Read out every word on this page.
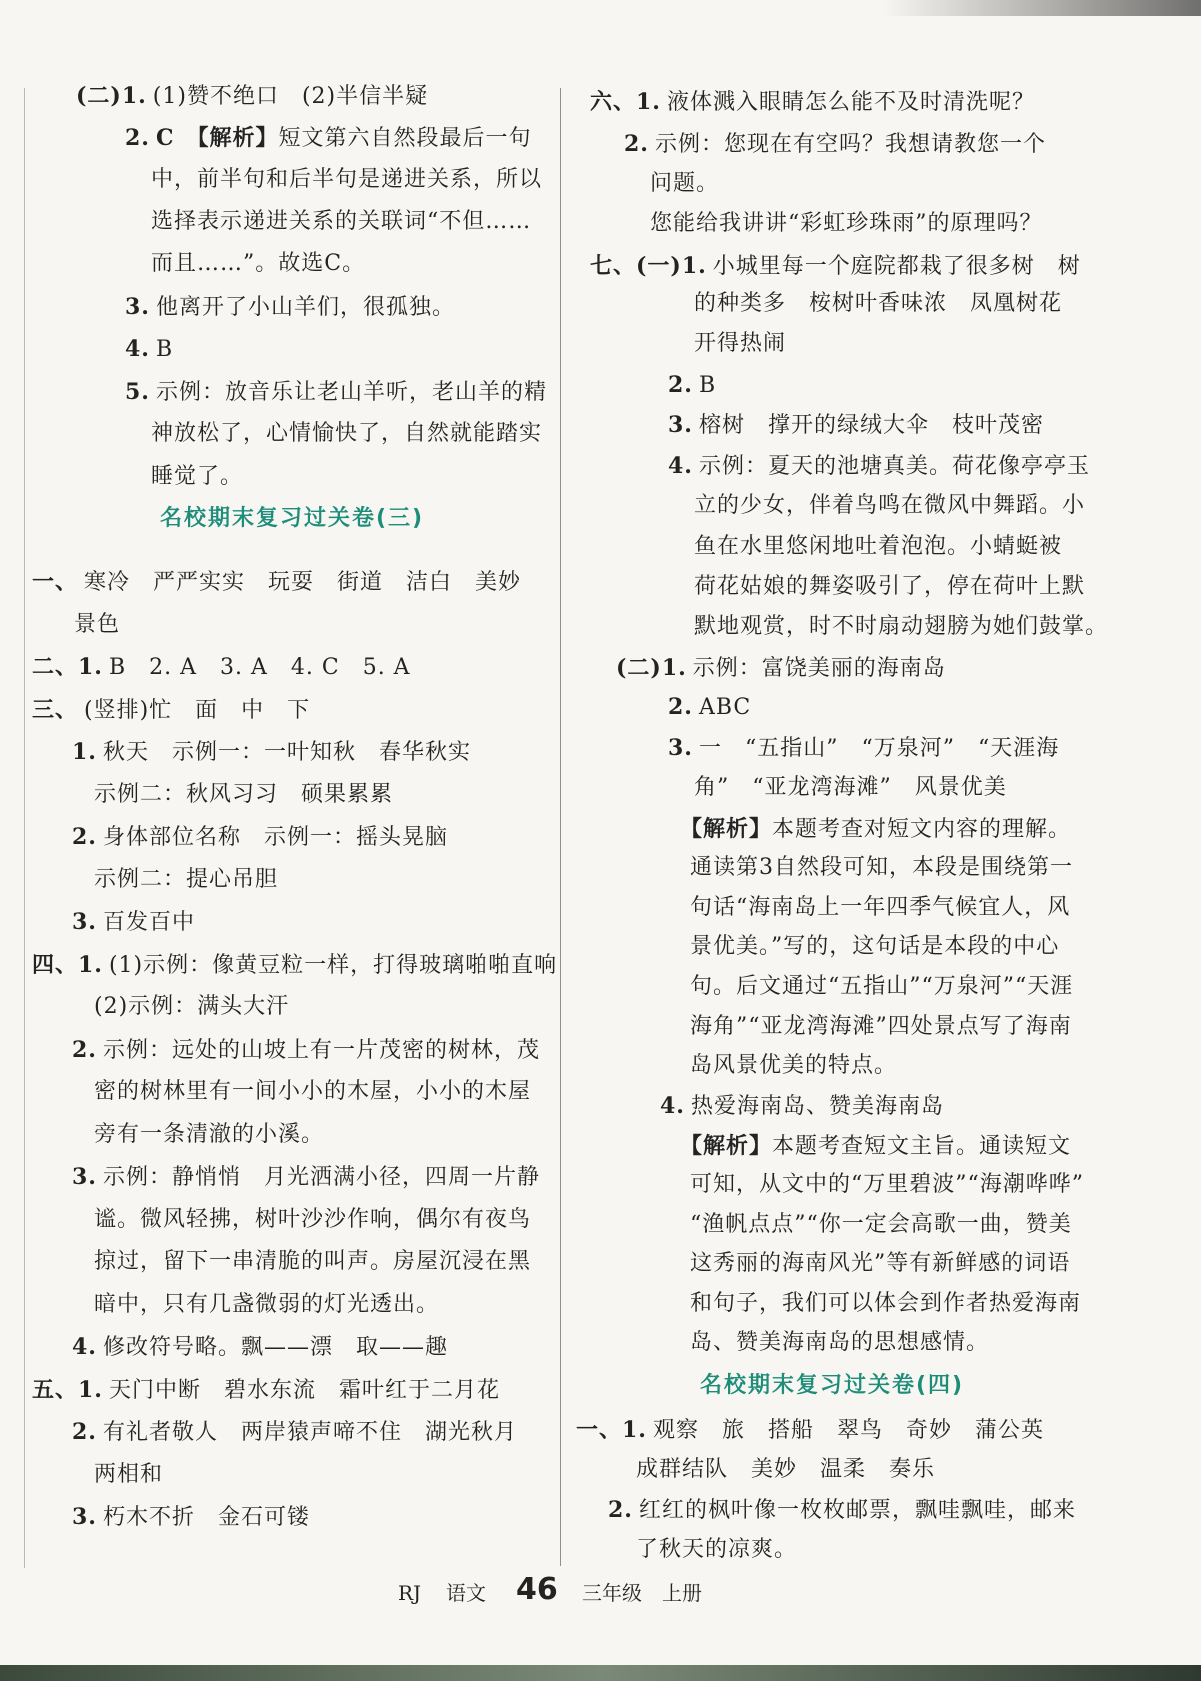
(二)1. (1)赞不绝口　(2)半信半疑
2. C　【解析】短文第六自然段最后一句
中，前半句和后半句是递进关系，所以
选择表示递进关系的关联词“不但……
而且……”。故选C。
3. 他离开了小山羊们，很孤独。
4. B
5. 示例：放音乐让老山羊听，老山羊的精
神放松了，心情愉快了，自然就能踏实
睡觉了。
名校期末复习过关卷(三)
一、 寒冷　严严实实　玩耍　街道　洁白　美妙
景色
二、1. B　2. A　3. A　4. C　5. A
三、 (竖排)忙　面　中　下
1. 秋天　示例一：一叶知秋　春华秋实
示例二：秋风习习　硕果累累
2. 身体部位名称　示例一：摇头晃脑
示例二：提心吊胆
3. 百发百中
四、1. (1)示例：像黄豆粒一样，打得玻璃啪啪直响
(2)示例：满头大汗
2. 示例：远处的山坡上有一片茂密的树林，茂
密的树林里有一间小小的木屋，小小的木屋
旁有一条清澈的小溪。
3. 示例：静悄悄　月光洒满小径，四周一片静
谧。微风轻拂，树叶沙沙作响，偶尔有夜鸟
掠过，留下一串清脆的叫声。房屋沉浸在黑
暗中，只有几盏微弱的灯光透出。
4. 修改符号略。飘——漂　取——趣
五、1. 天门中断　碧水东流　霜叶红于二月花
2. 有礼者敬人　两岸猿声啼不住　湖光秋月
两相和
3. 朽木不折　金石可镂
六、1. 液体溅入眼睛怎么能不及时清洗呢？
2. 示例：您现在有空吗？我想请教您一个
问题。
您能给我讲讲“彩虹珍珠雨”的原理吗？
七、(一)1. 小城里每一个庭院都栽了很多树　树
的种类多　桉树叶香味浓　凤凰树花
开得热闹
2. B
3. 榕树　撑开的绿绒大伞　枝叶茂密
4. 示例：夏天的池塘真美。荷花像亭亭玉
立的少女，伴着鸟鸣在微风中舞蹈。小
鱼在水里悠闲地吐着泡泡。小蜻蜓被
荷花姑娘的舞姿吸引了，停在荷叶上默
默地观赏，时不时扇动翅膀为她们鼓掌。
(二)1. 示例：富饶美丽的海南岛
2. ABC
3. 一　“五指山”　“万泉河”　“天涯海
角”　“亚龙湾海滩”　风景优美
【解析】本题考查对短文内容的理解。
通读第3自然段可知，本段是围绕第一
句话“海南岛上一年四季气候宜人，风
景优美。”写的，这句话是本段的中心
句。后文通过“五指山”“万泉河”“天涯
海角”“亚龙湾海滩”四处景点写了海南
岛风景优美的特点。
4. 热爱海南岛、赞美海南岛
【解析】本题考查短文主旨。通读短文
可知，从文中的“万里碧波”“海潮哗哗”
“渔帆点点”“你一定会高歌一曲，赞美
这秀丽的海南风光”等有新鲜感的词语
和句子，我们可以体会到作者热爱海南
岛、赞美海南岛的思想感情。
名校期末复习过关卷(四)
一、1. 观察　旅　搭船　翠鸟　奇妙　蒲公英
成群结队　美妙　温柔　奏乐
2. 红红的枫叶像一枚枚邮票，飘哇飘哇，邮来
了秋天的凉爽。
RJ 语文 46 三年级 上册
